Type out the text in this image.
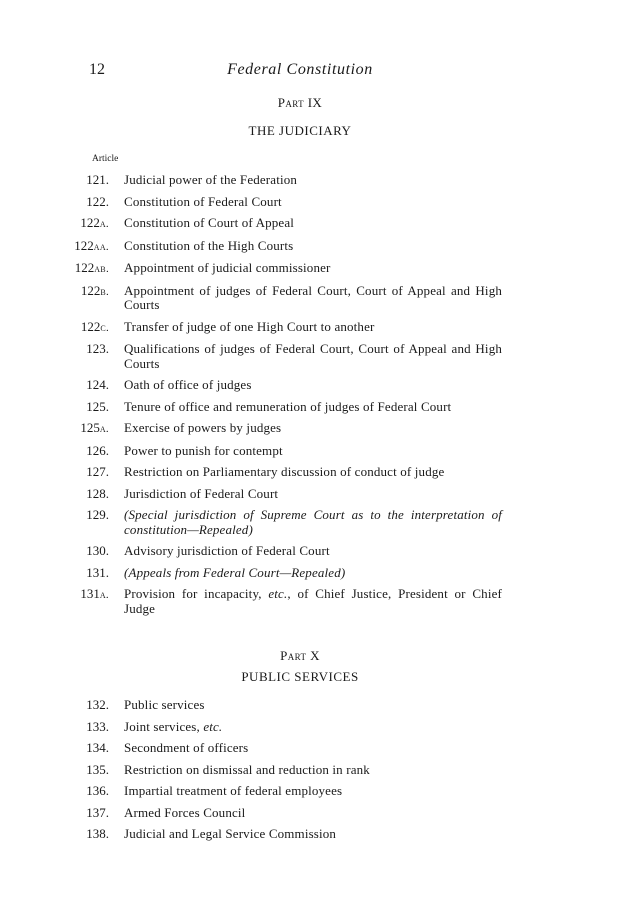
12	Federal Constitution
Part IX
THE JUDICIARY
Article
121.	Judicial power of the Federation
122.	Constitution of Federal Court
122a.	Constitution of Court of Appeal
122aa.	Constitution of the High Courts
122ab.	Appointment of judicial commissioner
122b.	Appointment of judges of Federal Court, Court of Appeal and High Courts
122c.	Transfer of judge of one High Court to another
123.	Qualifications of judges of Federal Court, Court of Appeal and High Courts
124.	Oath of office of judges
125.	Tenure of office and remuneration of judges of Federal Court
125a.	Exercise of powers by judges
126.	Power to punish for contempt
127.	Restriction on Parliamentary discussion of conduct of judge
128.	Jurisdiction of Federal Court
129.	(Special jurisdiction of Supreme Court as to the interpretation of constitution—Repealed)
130.	Advisory jurisdiction of Federal Court
131.	(Appeals from Federal Court—Repealed)
131a.	Provision for incapacity, etc., of Chief Justice, President or Chief Judge
Part X
PUBLIC SERVICES
132.	Public services
133.	Joint services, etc.
134.	Secondment of officers
135.	Restriction on dismissal and reduction in rank
136.	Impartial treatment of federal employees
137.	Armed Forces Council
138.	Judicial and Legal Service Commission
